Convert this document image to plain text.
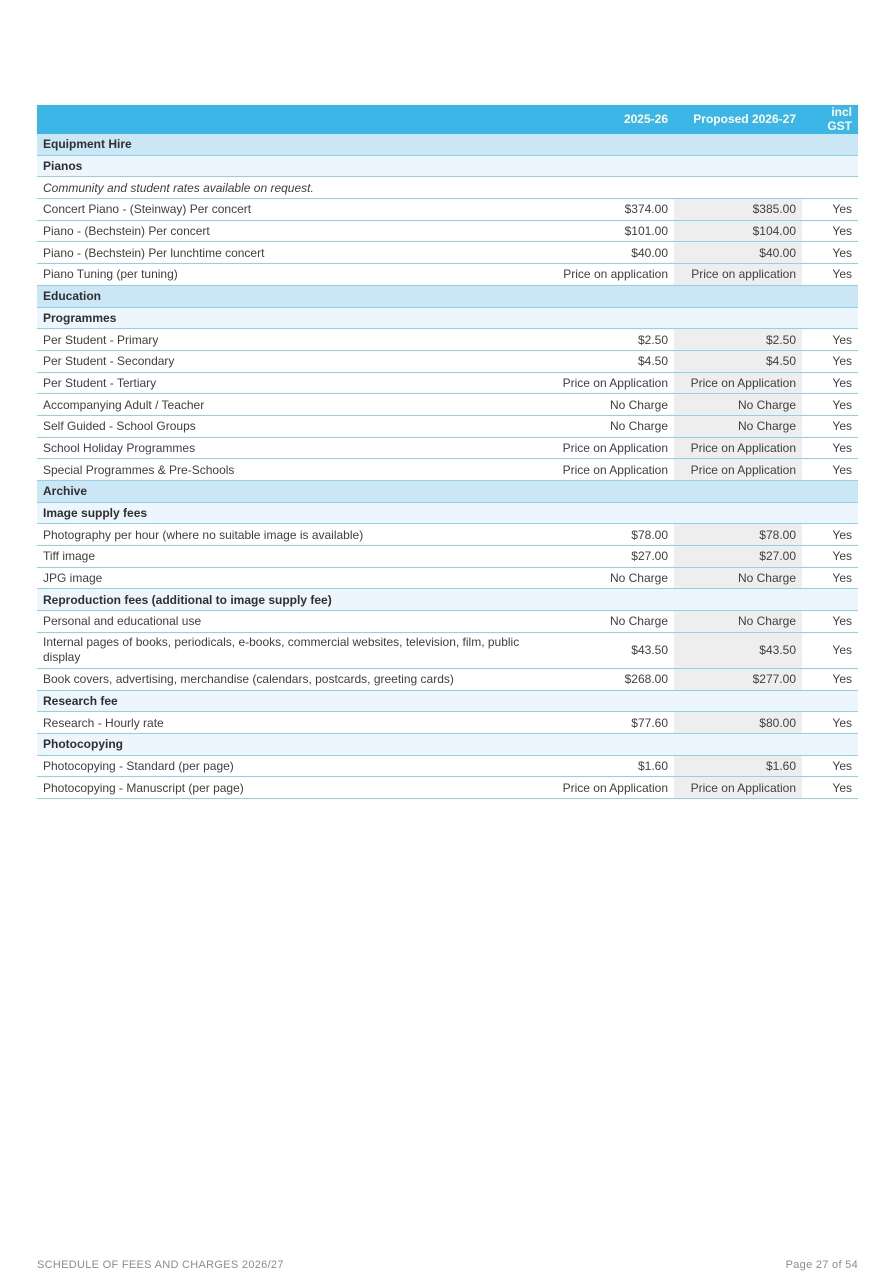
	2025-26	Proposed 2026-27	incl GST
Equipment Hire			
Pianos			
Community and student rates available on request.			
Concert Piano - (Steinway) Per concert	$374.00	$385.00	Yes
Piano - (Bechstein) Per concert	$101.00	$104.00	Yes
Piano - (Bechstein) Per lunchtime concert	$40.00	$40.00	Yes
Piano Tuning (per tuning)	Price on application	Price on application	Yes
Education			
Programmes			
Per Student - Primary	$2.50	$2.50	Yes
Per Student - Secondary	$4.50	$4.50	Yes
Per Student - Tertiary	Price on Application	Price on Application	Yes
Accompanying Adult / Teacher	No Charge	No Charge	Yes
Self Guided - School Groups	No Charge	No Charge	Yes
School Holiday Programmes	Price on Application	Price on Application	Yes
Special Programmes & Pre-Schools	Price on Application	Price on Application	Yes
Archive			
Image supply fees			
Photography per hour (where no suitable image is available)	$78.00	$78.00	Yes
Tiff image	$27.00	$27.00	Yes
JPG image	No Charge	No Charge	Yes
Reproduction fees (additional to image supply fee)			
Personal and educational use	No Charge	No Charge	Yes
Internal pages of books, periodicals, e-books, commercial websites, television, film, public display	$43.50	$43.50	Yes
Book covers, advertising, merchandise (calendars, postcards, greeting cards)	$268.00	$277.00	Yes
Research fee			
Research - Hourly rate	$77.60	$80.00	Yes
Photocopying			
Photocopying - Standard (per page)	$1.60	$1.60	Yes
Photocopying - Manuscript (per page)	Price on Application	Price on Application	Yes
SCHEDULE OF FEES AND CHARGES 2026/27	Page 27 of 54
